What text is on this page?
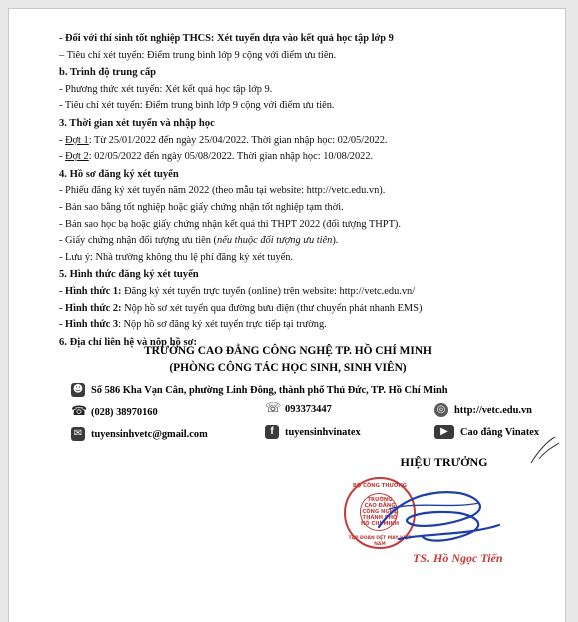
- Đối với thí sinh tốt nghiệp THCS: Xét tuyển dựa vào kết quả học tập lớp 9
– Tiêu chí xét tuyển: Điểm trung bình lớp 9 cộng với điểm ưu tiên.
b. Trình độ trung cấp
- Phương thức xét tuyển: Xét kết quả học tập lớp 9.
- Tiêu chí xét tuyển: Điểm trung bình lớp 9 cộng với điểm ưu tiên.
3. Thời gian xét tuyển và nhập học
- Đợt 1: Từ 25/01/2022 đến ngày 25/04/2022. Thời gian nhập học: 02/05/2022.
- Đợt 2: 02/05/2022 đến ngày 05/08/2022. Thời gian nhập học: 10/08/2022.
4. Hồ sơ đăng ký xét tuyển
- Phiếu đăng ký xét tuyển năm 2022 (theo mẫu tại website: http://vetc.edu.vn).
- Bản sao bằng tốt nghiệp hoặc giấy chứng nhận tốt nghiệp tạm thời.
- Bản sao học bạ hoặc giấy chứng nhận kết quả thi THPT 2022 (đối tượng THPT).
- Giấy chứng nhận đối tượng ưu tiên (nếu thuộc đối tượng ưu tiên).
- Lưu ý: Nhà trường không thu lệ phí đăng ký xét tuyển.
5. Hình thức đăng ký xét tuyển
- Hình thức 1: Đăng ký xét tuyển trực tuyến (online) trên website: http://vetc.edu.vn/
- Hình thức 2: Nộp hồ sơ xét tuyển qua đường bưu điện (thư chuyển phát nhanh EMS)
- Hình thức 3: Nộp hồ sơ đăng ký xét tuyển trực tiếp tại trường.
6. Địa chỉ liên hệ và nộp hồ sơ:
TRƯỜNG CAO ĐẲNG CÔNG NGHỆ TP. HỒ CHÍ MINH
(PHÒNG CÔNG TÁC HỌC SINH, SINH VIÊN)
☻ Số 586 Kha Vạn Cân, phường Linh Đông, thành phố Thủ Đức, TP. Hồ Chí Minh
☎ (028) 38970160	☏ 093373447	◎ http://vetc.edu.vn
✉ tuyensinhvetc@gmail.com	f	tuyensinhvinatex	▶	Cao đẳng Vinatex
HIỆU TRƯỞNG
BỘ CÔNG THƯƠNG
TRƯỜNG
CAO ĐẲNG
CÔNG NGHỆ
THÀNH PHỐ
HỒ CHÍ MINH
TẬP ĐOÀN DỆT MAY VIỆT NAM
TS. Hồ Ngọc Tiến
